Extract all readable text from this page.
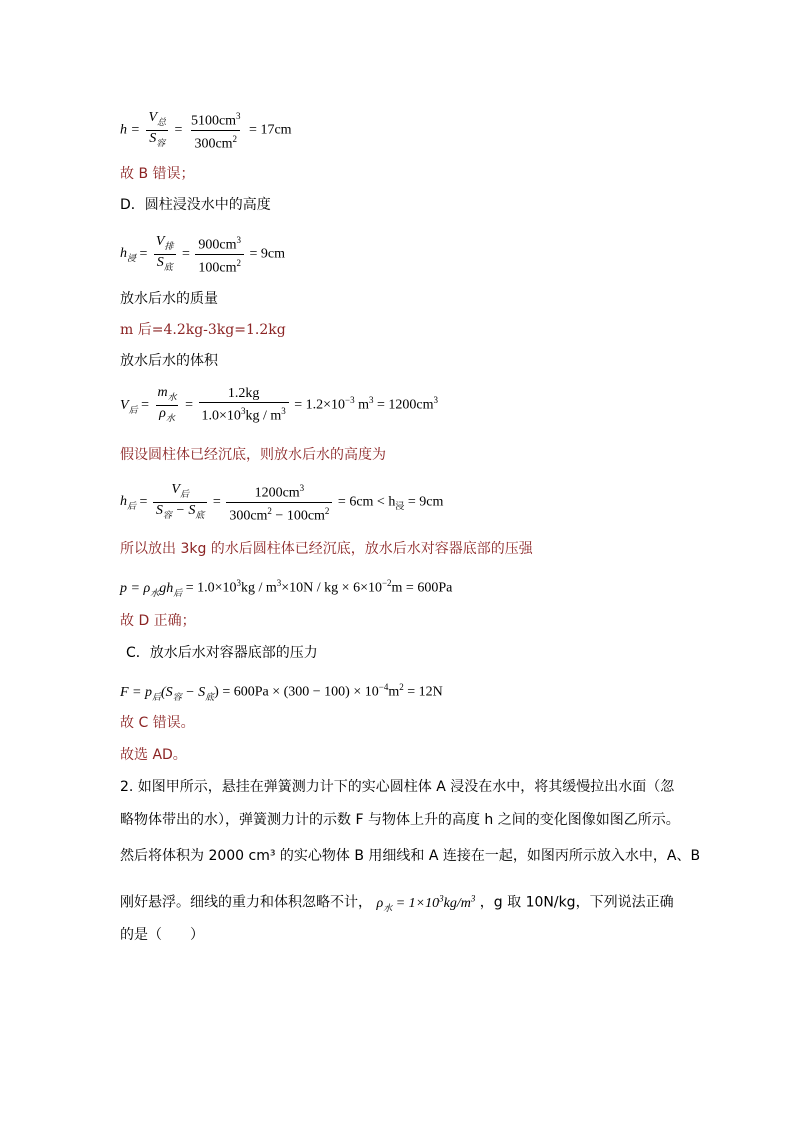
$h = \frac{V_总}{S_容} = \frac{5100cm^3}{300cm^2} = 17cm$
故 B 错误；
D．圆柱浸没水中的高度
$h_浸 = \frac{V_排}{S_底} = \frac{900cm^3}{100cm^2} = 9cm$
放水后水的质量
m 后=4.2kg-3kg=1.2kg
放水后水的体积
$V_后 = \frac{m_水}{\rho_水} = \frac{1.2kg}{1.0\times 10^3kg / m^3} = 1.2\times 10^{-3}$ $m^3 = 1200cm^3$
假设圆柱体已经沉底，则放水后水的高度为
$h_后 = \frac{V_后}{S_容 - S_底} = \frac{1200cm^3}{300cm^2 - 100cm^2} = 6cm < h_浸 = 9cm$
所以放出 3kg 的水后圆柱体已经沉底，放水后水对容器底部的压强
$p = \rho_水gh_后 = 1.0\times 10^3kg / m^3\times 10N$ / kg × $6\times 10^{-2}m = 600Pa$
故 D 正确；
C．放水后水对容器底部的压力
$F = p_后(S_容 - S_底) = 600Pa \times (300 - 100) \times 10^{-4}m^2 = 12N$
故 C 错误。
故选 AD。
2. 如图甲所示，悬挂在弹簧测力计下的实心圆柱体 A 浸没在水中，将其缓慢拉出水面（忽
略物体带出的水），弹簧测力计的示数 F 与物体上升的高度 h 之间的变化图像如图乙所示。
然后将体积为 2000 cm³ 的实心物体 B 用细线和 A 连接在一起，如图丙所示放入水中，A、B
刚好悬浮。细线的重力和体积忽略不计， $\rho_水 = 1\times 10^3kg/m^3$ ，g 取 10N/kg，下列说法正确
的是（　　）
